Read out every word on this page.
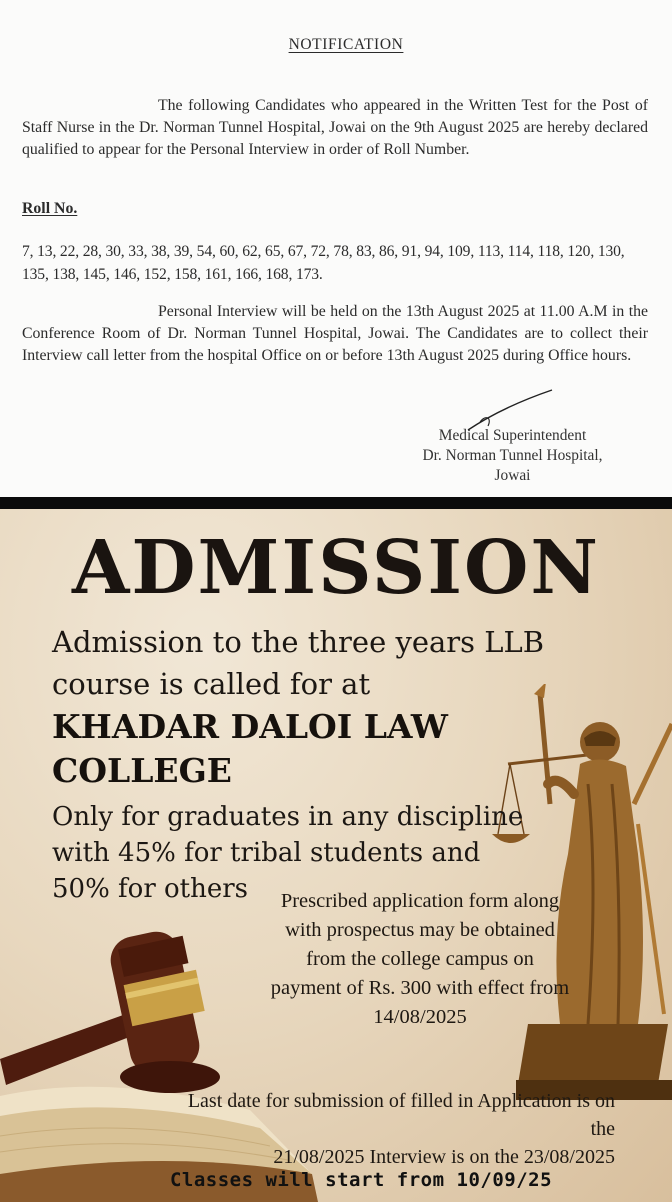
NOTIFICATION
The following Candidates who appeared in the Written Test for the Post of Staff Nurse in the Dr. Norman Tunnel Hospital, Jowai on the 9th August 2025 are hereby declared qualified to appear for the Personal Interview in order of Roll Number.
Roll No.
7, 13, 22, 28, 30, 33, 38, 39, 54, 60, 62, 65, 67, 72, 78, 83, 86, 91, 94, 109, 113, 114, 118, 120, 130, 135, 138, 145, 146, 152, 158, 161, 166, 168, 173.
Personal Interview will be held on the 13th August 2025 at 11.00 A.M in the Conference Room of Dr. Norman Tunnel Hospital, Jowai. The Candidates are to collect their Interview call letter from the hospital Office on or before 13th August 2025 during Office hours.
Medical Superintendent
Dr. Norman Tunnel Hospital,
Jowai
ADMISSION
Admission to the three years LLB course is called for at
KHADAR DALOI LAW COLLEGE
Only for graduates in any discipline with 45% for tribal students and 50% for others	Prescribed application form along with prospectus may be obtained from the college campus on payment of Rs. 300 with effect from 14/08/2025
Last date for submission of filled in Application is on the
21/08/2025 Interview is on the 23/08/2025
Classes will start from 10/09/25
